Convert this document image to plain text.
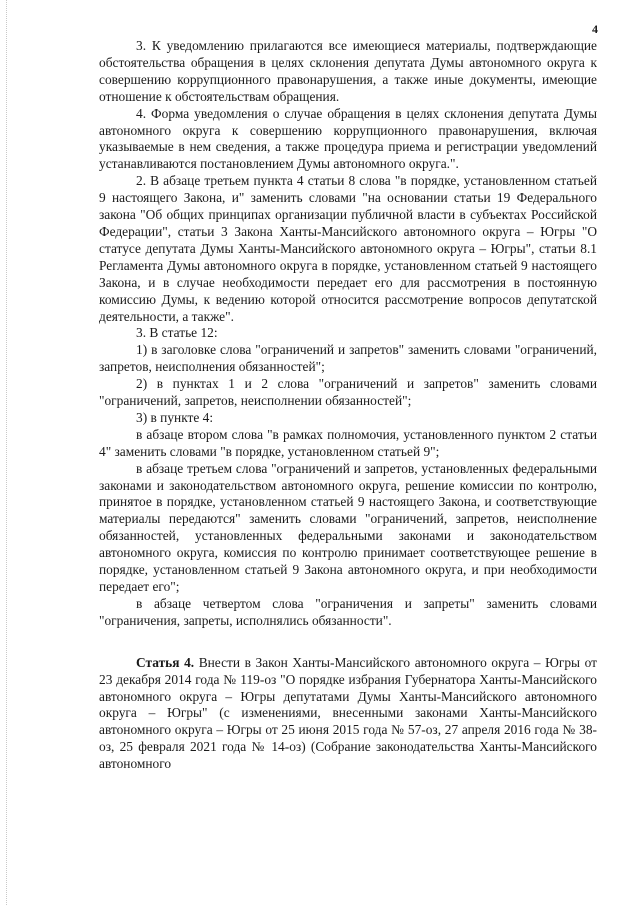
4

3. К уведомлению прилагаются все имеющиеся материалы, подтверждающие обстоятельства обращения в целях склонения депутата Думы автономного округа к совершению коррупционного правонарушения, а также иные документы, имеющие отношение к обстоятельствам обращения.

4. Форма уведомления о случае обращения в целях склонения депутата Думы автономного округа к совершению коррупционного правонарушения, включая указываемые в нем сведения, а также процедура приема и регистрации уведомлений устанавливаются постановлением Думы автономного округа.".

2. В абзаце третьем пункта 4 статьи 8 слова "в порядке, установленном статьей 9 настоящего Закона, и" заменить словами "на основании статьи 19 Федерального закона "Об общих принципах организации публичной власти в субъектах Российской Федерации", статьи 3 Закона Ханты-Мансийского автономного округа – Югры "О статусе депутата Думы Ханты-Мансийского автономного округа – Югры", статьи 8.1 Регламента Думы автономного округа в порядке, установленном статьей 9 настоящего Закона, и в случае необходимости передает его для рассмотрения в постоянную комиссию Думы, к ведению которой относится рассмотрение вопросов депутатской деятельности, а также".

3. В статье 12:

1) в заголовке слова "ограничений и запретов" заменить словами "ограничений, запретов, неисполнения обязанностей";

2) в пунктах 1 и 2 слова "ограничений и запретов" заменить словами "ограничений, запретов, неисполнении обязанностей";

3) в пункте 4:

в абзаце втором слова "в рамках полномочия, установленного пунктом 2 статьи 4" заменить словами "в порядке, установленном статьей 9";

в абзаце третьем слова "ограничений и запретов, установленных федеральными законами и законодательством автономного округа, решение комиссии по контролю, принятое в порядке, установленном статьей 9 настоящего Закона, и соответствующие материалы передаются" заменить словами "ограничений, запретов, неисполнение обязанностей, установленных федеральными законами и законодательством автономного округа, комиссия по контролю принимает соответствующее решение в порядке, установленном статьей 9 Закона автономного округа, и при необходимости передает его";

в абзаце четвертом слова "ограничения и запреты" заменить словами "ограничения, запреты, исполнялись обязанности".

Статья 4. Внести в Закон Ханты-Мансийского автономного округа – Югры от 23 декабря 2014 года № 119-оз "О порядке избрания Губернатора Ханты-Мансийского автономного округа – Югры депутатами Думы Ханты-Мансийского автономного округа – Югры" (с изменениями, внесенными законами Ханты-Мансийского автономного округа – Югры от 25 июня 2015 года № 57-оз, 27 апреля 2016 года № 38-оз, 25 февраля 2021 года № 14-оз) (Собрание законодательства Ханты-Мансийского автономного
